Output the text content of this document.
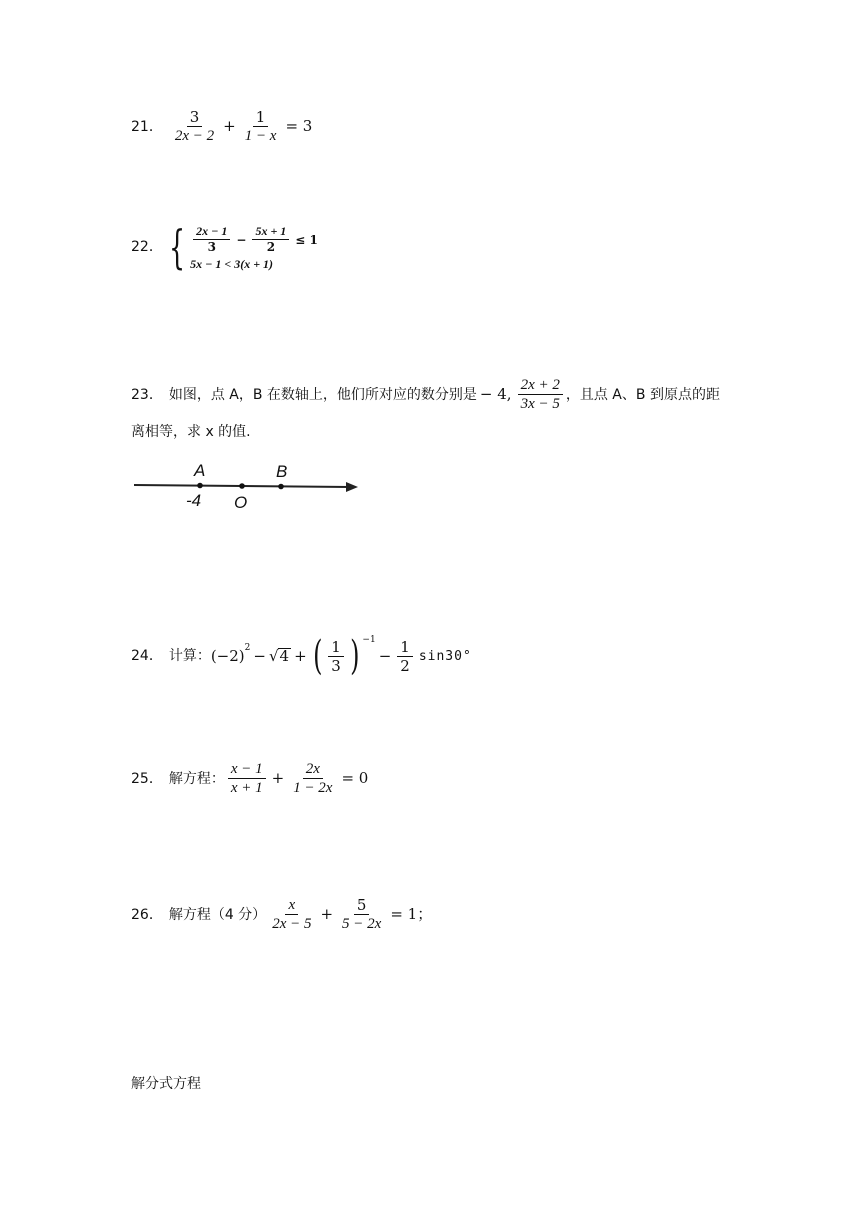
21． $\frac{3}{2x - 2} + \frac{1}{1 - x} = 3$
22． { $\frac{2x - 1}{3} - \frac{5x + 1}{2} \le 1$
5x − 1 < 3(x + 1)
23． 如图，点 A，B 在数轴上，他们所对应的数分别是 − 4, $\frac{2x + 2}{3x - 5}$ ，且点 A、B 到原点的距
离相等，求 x 的值.
A	B
O
-4
24． 计算： (−2) 2 − √ 4 + ( $\frac{1}{3}$ ) −1
− $\frac{1}{2} \sin 30^\circ$
25． 解方程： $\frac{x - 1}{x + 1} + \frac{2x}{1 - 2x} = 0$
26． 解方程（4 分） $\frac{x}{2x - 5} + \frac{5}{5 - 2x} = 1$；
解分式方程
